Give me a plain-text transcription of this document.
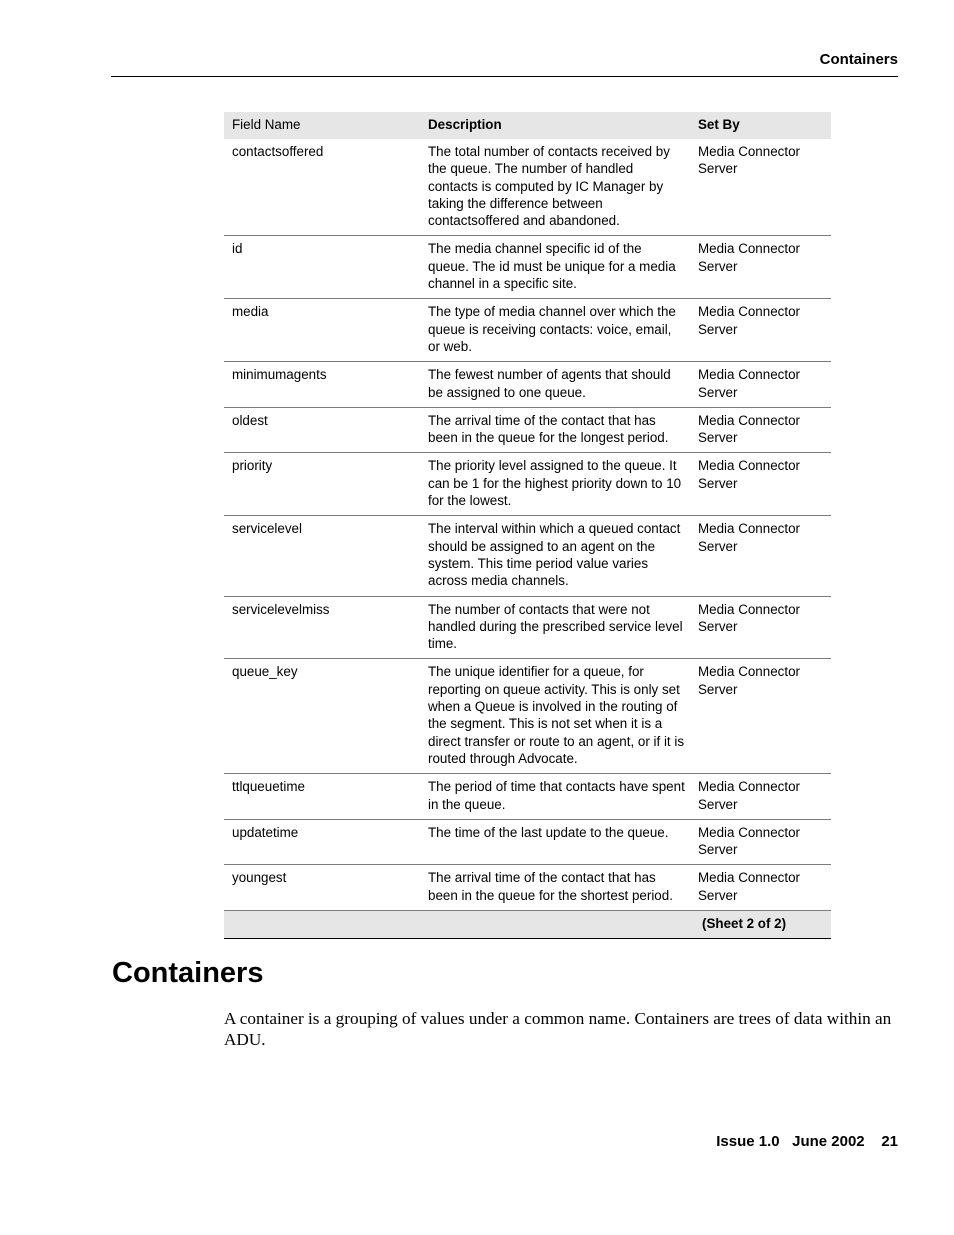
Containers
Field Name	Description	Set By
contactsoffered	The total number of contacts received by the queue. The number of handled contacts is computed by IC Manager by taking the difference between contactsoffered and abandoned.	Media Connector Server
id	The media channel specific id of the queue. The id must be unique for a media channel in a specific site.	Media Connector Server
media	The type of media channel over which the queue is receiving contacts: voice, email, or web.	Media Connector Server
minimumagents	The fewest number of agents that should be assigned to one queue.	Media Connector Server
oldest	The arrival time of the contact that has been in the queue for the longest period.	Media Connector Server
priority	The priority level assigned to the queue. It can be 1 for the highest priority down to 10 for the lowest.	Media Connector Server
servicelevel	The interval within which a queued contact should be assigned to an agent on the system. This time period value varies across media channels.	Media Connector Server
servicelevelmiss	The number of contacts that were not handled during the prescribed service level time.	Media Connector Server
queue_key	The unique identifier for a queue, for reporting on queue activity. This is only set when a Queue is involved in the routing of the segment. This is not set when it is a direct transfer or route to an agent, or if it is routed through Advocate.	Media Connector Server
ttlqueuetime	The period of time that contacts have spent in the queue.	Media Connector Server
updatetime	The time of the last update to the queue.	Media Connector Server
youngest	The arrival time of the contact that has been in the queue for the shortest period.	Media Connector Server
		(Sheet 2 of 2)
Containers

A container is a grouping of values under a common name. Containers are trees of data within an ADU.

Issue 1.0   June 2002    21
